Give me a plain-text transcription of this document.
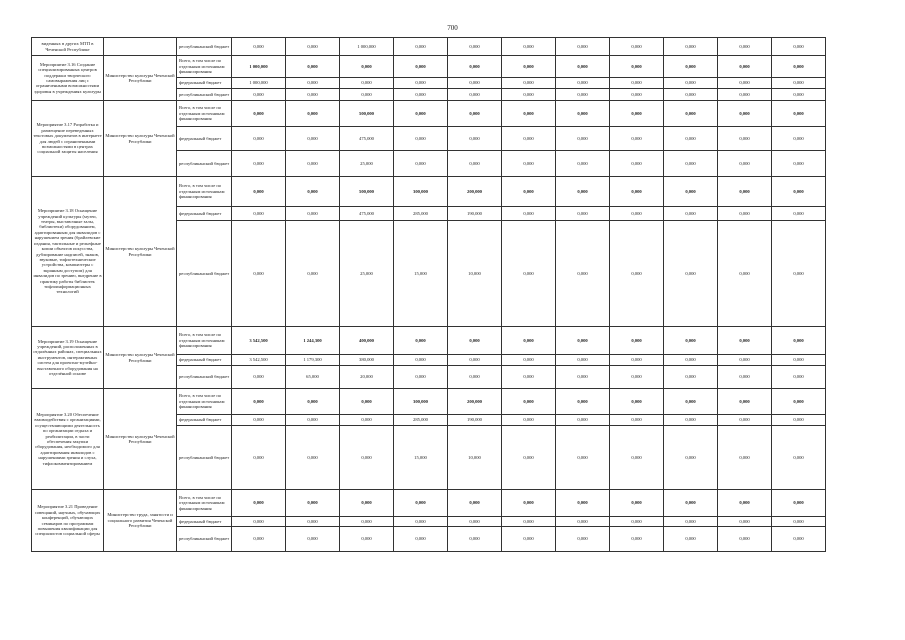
700
виденных в других МТП в Чеченской Республике		республиканский бюджет	0,000	0,000	1 000,000	0,000	0,000	0,000	0,000	0,000	0,000	0,000	0,000
Мероприятие 3.16 Создание специализированных центров поддержки творческого самовыражения лиц с ограниченными возможностями здоровья в учреждениях культуры	Министерство культуры Чеченской Республики	Всего, в том числе по отдельным источникам финансирования	1 000,000	0,000	0,000	0,000	0,000	0,000	0,000	0,000	0,000	0,000	0,000
		федеральный бюджет	1 000,000	0,000	0,000	0,000	0,000	0,000	0,000	0,000	0,000	0,000	0,000
		республиканский бюджет	0,000	0,000	0,000	0,000	0,000	0,000	0,000	0,000	0,000	0,000	0,000
Мероприятие 3.17 Разработка и размещение переведенных текстовых документов в интернете для людей с ограниченными возможностями в центрах социальной защиты населения	Министерство культуры Чеченской Республики	Всего, в том числе по отдельным источникам финансирования	0,000	0,000	500,000	0,000	0,000	0,000	0,000	0,000	0,000	0,000	0,000
		федеральный бюджет	0,000	0,000	475,000	0,000	0,000	0,000	0,000	0,000	0,000	0,000	0,000
		республиканский бюджет	0,000	0,000	25,000	0,000	0,000	0,000	0,000	0,000	0,000	0,000	0,000
Мероприятие 3.18 Оснащение учреждений культуры (музеи, театры, выставочные залы, библиотеки) оборудованием, адаптированным для инвалидов с нарушением зрения (брайлевские издания, тактильные и рельефные копии объектов искусства, дублирование надписей, знаков, звуковые, тифлотехнические устройства, компьютеры с экранным доступом) для инвалидов по зрению, внедрение в практику работы библиотек тифлоинформационных технологий	Министерство культуры Чеченской Республики	Всего, в том числе по отдельным источникам финансирования	0,000	0,000	500,000	300,000	200,000	0,000	0,000	0,000	0,000	0,000	0,000
		федеральный бюджет	0,000	0,000	475,000	285,000	190,000	0,000	0,000	0,000	0,000	0,000	0,000
		республиканский бюджет	0,000	0,000	25,000	15,000	10,000	0,000	0,000	0,000	0,000	0,000	0,000
Мероприятие 3.19 Оснащение учреждений, расположенных в отдалённых районах, специальных инструментов, интерактивных систем для проектно-музейно-выставочного оборудования на отделённой основе	Министерство культуры Чеченской Республики	Всего, в том числе по отдельным источникам финансирования	3 542,500	1 244,300	400,000	0,000	0,000	0,000	0,000	0,000	0,000	0,000	0,000
		федеральный бюджет	3 542,500	1 179,300	380,000	0,000	0,000	0,000	0,000	0,000	0,000	0,000	0,000
		республиканский бюджет	0,000	65,000	20,000	0,000	0,000	0,000	0,000	0,000	0,000	0,000	0,000
Мероприятие 3.20 Обеспечение взаимодействия с организациями, осуществляющими деятельность по организации отдыха и реабилитации, в части обеспечения закупки оборудования, необходимого для адаптирования инвалидов с нарушениями зрения и слуха, тифлокомментированием	Министерство культуры Чеченской Республики	Всего, в том числе по отдельным источникам финансирования	0,000	0,000	0,000	300,000	200,000	0,000	0,000	0,000	0,000	0,000	0,000
		федеральный бюджет	0,000	0,000	0,000	285,000	190,000	0,000	0,000	0,000	0,000	0,000	0,000
		республиканский бюджет	0,000	0,000	0,000	15,000	10,000	0,000	0,000	0,000	0,000	0,000	0,000
Мероприятие 3.21 Проведение совещаний, научных, обучающих конференций, обучающих семинаров по программам повышения квалификации для специалистов социальной сферы	Министерство труда, занятости и социального развития Чеченской Республики	Всего, в том числе по отдельным источникам финансирования	0,000	0,000	0,000	0,000	0,000	0,000	0,000	0,000	0,000	0,000	0,000
		федеральный бюджет	0,000	0,000	0,000	0,000	0,000	0,000	0,000	0,000	0,000	0,000	0,000
		республиканский бюджет	0,000	0,000	0,000	0,000	0,000	0,000	0,000	0,000	0,000	0,000	0,000
